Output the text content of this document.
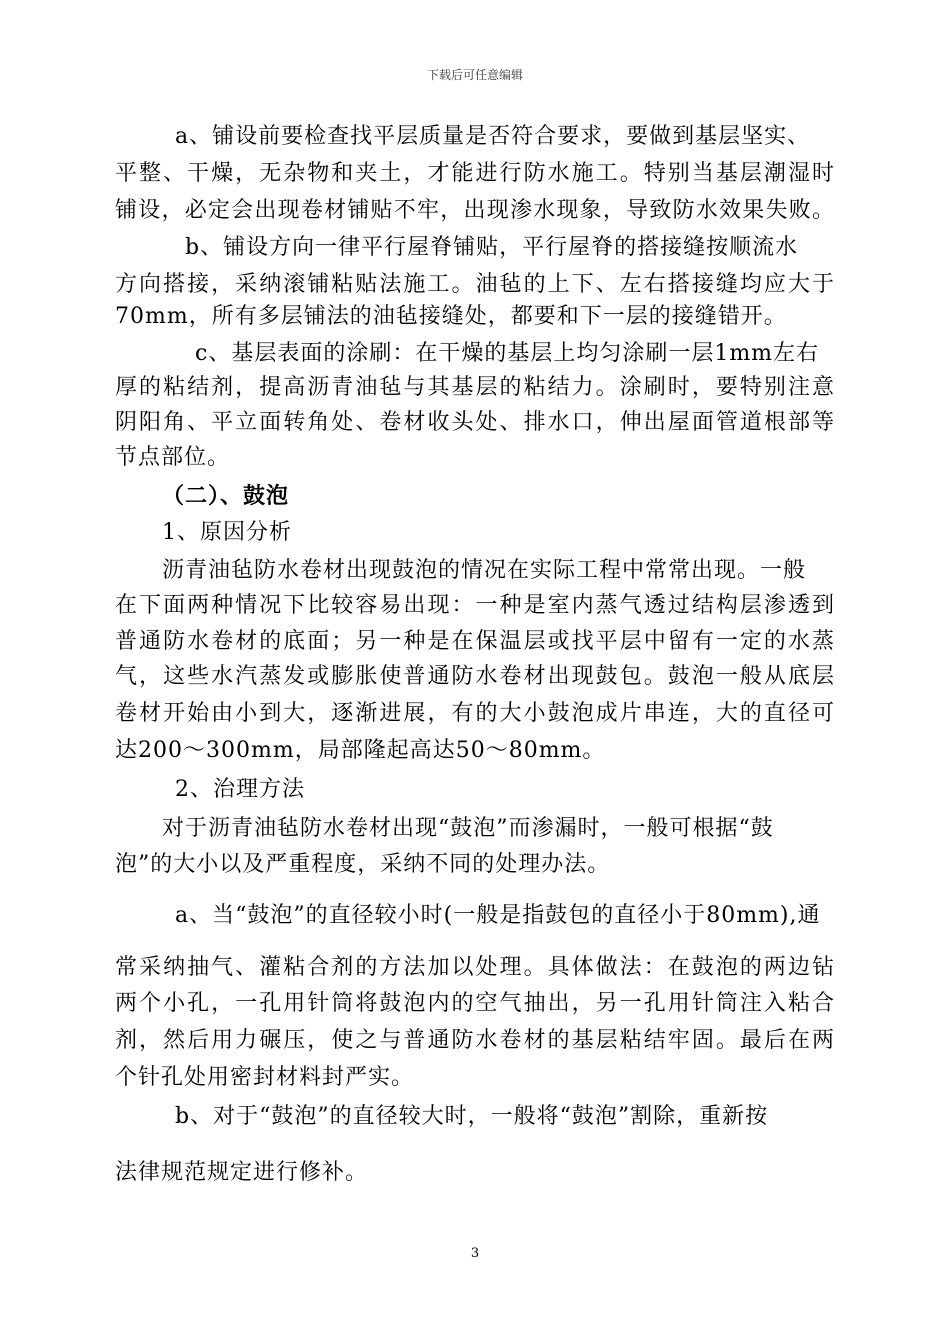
下载后可任意编辑
a、铺设前要检查找平层质量是否符合要求，要做到基层坚实、
平整、干燥，无杂物和夹土，才能进行防水施工。特别当基层潮湿时
铺设，必定会出现卷材铺贴不牢，出现渗水现象，导致防水效果失败。
b、铺设方向一律平行屋脊铺贴，平行屋脊的搭接缝按顺流水
方向搭接，采纳滚铺粘贴法施工。油毡的上下、左右搭接缝均应大于
70mm，所有多层铺法的油毡接缝处，都要和下一层的接缝错开。
c、基层表面的涂刷：在干燥的基层上均匀涂刷一层1mm左右
厚的粘结剂，提高沥青油毡与其基层的粘结力。涂刷时，要特别注意
阴阳角、平立面转角处、卷材收头处、排水口，伸出屋面管道根部等
节点部位。
（二）、鼓泡
1、原因分析
沥青油毡防水卷材出现鼓泡的情况在实际工程中常常出现。一般
在下面两种情况下比较容易出现：一种是室内蒸气透过结构层渗透到
普通防水卷材的底面；另一种是在保温层或找平层中留有一定的水蒸
气，这些水汽蒸发或膨胀使普通防水卷材出现鼓包。鼓泡一般从底层
卷材开始由小到大，逐渐进展，有的大小鼓泡成片串连，大的直径可
达200～300mm，局部隆起高达50～80mm。
2、治理方法
对于沥青油毡防水卷材出现“鼓泡”而渗漏时，一般可根据“鼓
泡”的大小以及严重程度，采纳不同的处理办法。
a、当“鼓泡”的直径较小时(一般是指鼓包的直径小于80mm),通
常采纳抽气、灌粘合剂的方法加以处理。具体做法：在鼓泡的两边钻
两个小孔，一孔用针筒将鼓泡内的空气抽出，另一孔用针筒注入粘合
剂，然后用力碾压，使之与普通防水卷材的基层粘结牢固。最后在两
个针孔处用密封材料封严实。
b、对于“鼓泡”的直径较大时，一般将“鼓泡”割除，重新按
法律规范规定进行修补。
3
